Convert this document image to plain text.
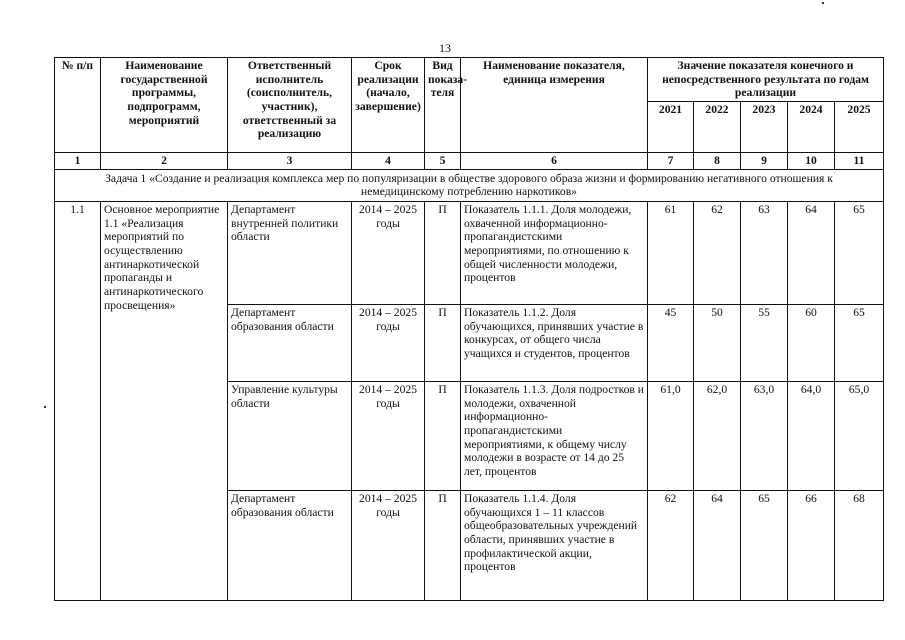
13
№ п/п	Наименование государственной программы, подпрограмм, мероприятий	Ответственный исполнитель (соисполнитель, участник), ответственный за реализацию	Срок реализации (начало, завершение)	Вид показа- теля	Наименование показателя, единица измерения	Значение показателя конечного и непосредственного результата по годам реализации				
						2021	2022	2023	2024	2025
1	2	3	4	5	6	7	8	9	10	11
Задача 1 «Создание и реализация комплекса мер по популяризации в обществе здорового образа жизни и формированию негативного отношения к немедицинскому потреблению наркотиков»										
1.1	Основное мероприятие 1.1 «Реализация мероприятий по осуществлению антинаркотической пропаганды и антинаркотического просвещения»	Департамент внутренней политики области	2014 – 2025 годы	П	Показатель 1.1.1. Доля молодежи, охваченной информационно-пропагандистскими мероприятиями, по отношению к общей численности молодежи, процентов	61	62	63	64	65
		Департамент образования области	2014 – 2025 годы	П	Показатель 1.1.2. Доля обучающихся, принявших участие в конкурсах, от общего числа учащихся и студентов, процентов	45	50	55	60	65
		Управление культуры области	2014 – 2025 годы	П	Показатель 1.1.3. Доля подростков и молодежи, охваченной информационно-пропагандистскими мероприятиями, к общему числу молодежи в возрасте от 14 до 25 лет, процентов	61,0	62,0	63,0	64,0	65,0
		Департамент образования области	2014 – 2025 годы	П	Показатель 1.1.4. Доля обучающихся 1 – 11 классов общеобразовательных учреждений области, принявших участие в профилактической акции, процентов	62	64	65	66	68
